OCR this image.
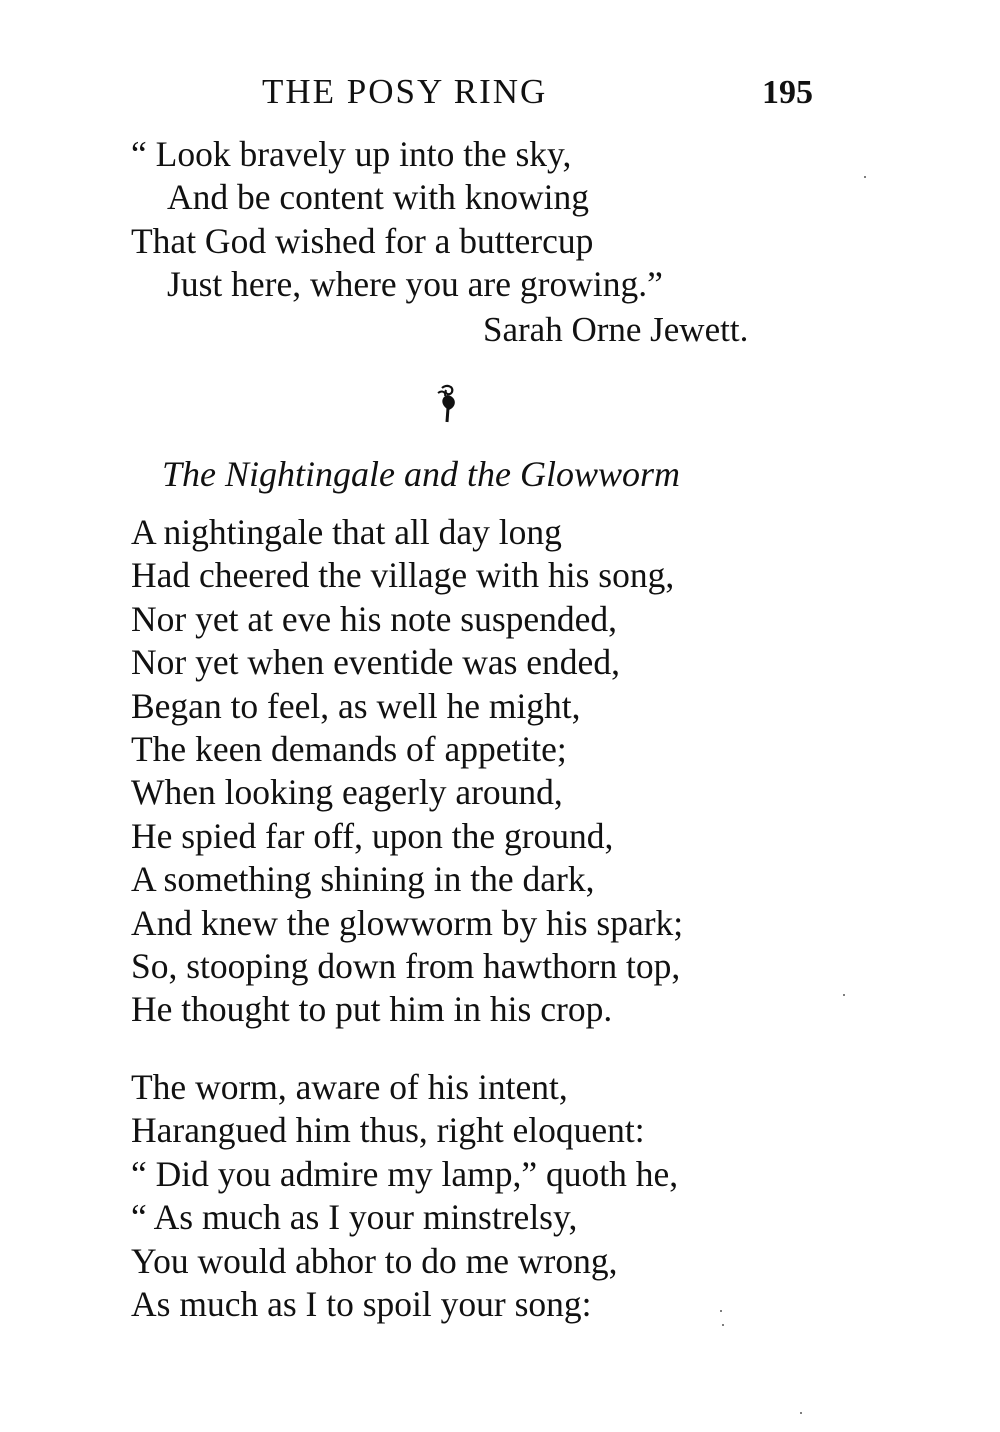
THE POSY RING	195
“ Look bravely up into the sky,
And be content with knowing
That God wished for a buttercup
Just here, where you are growing.”
Sarah Orne Jewett.
The Nightingale and the Glowworm
A nightingale that all day long
Had cheered the village with his song,
Nor yet at eve his note suspended,
Nor yet when eventide was ended,
Began to feel, as well he might,
The keen demands of appetite;
When looking eagerly around,
He spied far off, upon the ground,
A something shining in the dark,
And knew the glowworm by his spark;
So, stooping down from hawthorn top,
He thought to put him in his crop.
The worm, aware of his intent,
Harangued him thus, right eloquent:
“ Did you admire my lamp,” quoth he,
“ As much as I your minstrelsy,
You would abhor to do me wrong,
As much as I to spoil your song:
